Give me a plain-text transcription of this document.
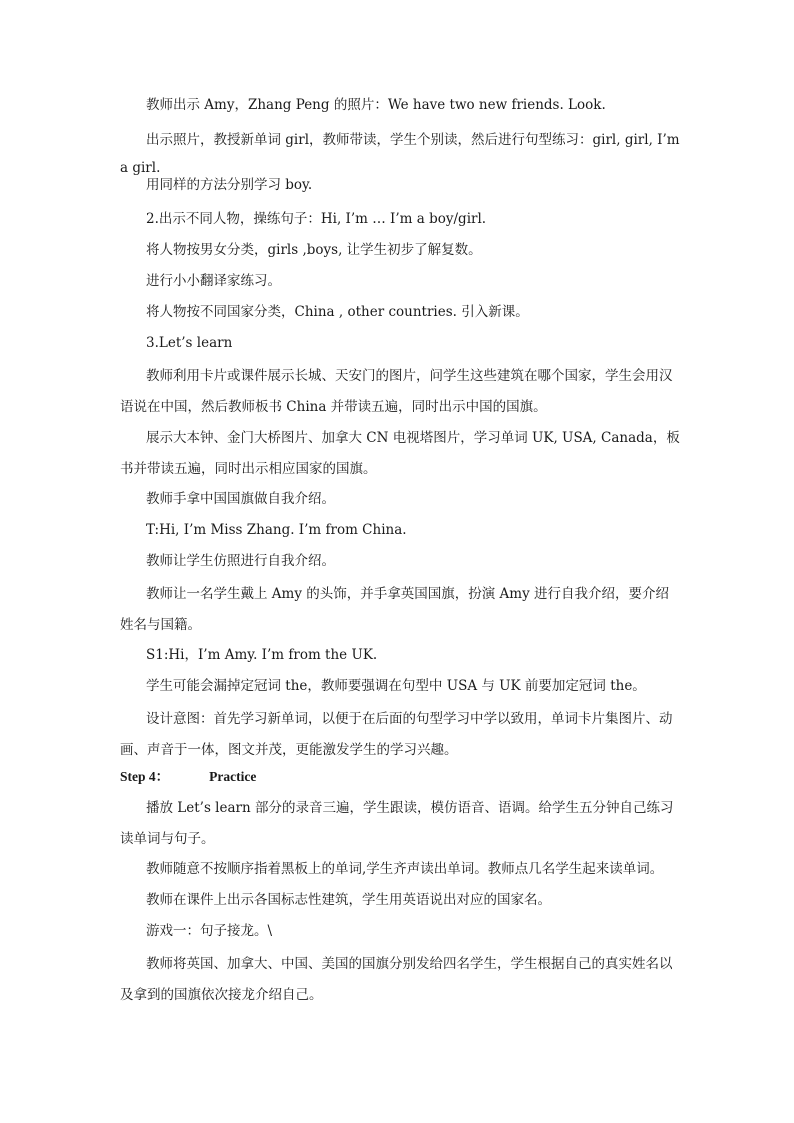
教师出示 Amy，Zhang Peng 的照片：We have two new friends. Look.
出示照片，教授新单词 girl，教师带读，学生个别读，然后进行句型练习：girl, girl, I’m a girl.
用同样的方法分别学习 boy.
2.出示不同人物，操练句子：Hi, I’m … I’m a boy/girl.
将人物按男女分类，girls ,boys, 让学生初步了解复数。
进行小小翻译家练习。
将人物按不同国家分类，China , other countries. 引入新课。
3.Let’s learn
教师利用卡片或课件展示长城、天安门的图片，问学生这些建筑在哪个国家，学生会用汉语说在中国，然后教师板书 China 并带读五遍，同时出示中国的国旗。
展示大本钟、金门大桥图片、加拿大 CN 电视塔图片，学习单词 UK, USA, Canada，板书并带读五遍，同时出示相应国家的国旗。
教师手拿中国国旗做自我介绍。
T:Hi, I’m Miss Zhang. I’m from China.
教师让学生仿照进行自我介绍。
教师让一名学生戴上 Amy 的头饰，并手拿英国国旗，扮演 Amy 进行自我介绍，要介绍姓名与国籍。
S1:Hi，I’m Amy. I’m from the UK.
学生可能会漏掉定冠词 the，教师要强调在句型中 USA 与 UK 前要加定冠词 the。
设计意图：首先学习新单词，以便于在后面的句型学习中学以致用，单词卡片集图片、动画、声音于一体，图文并茂，更能激发学生的学习兴趣。
Step 4：	Practice
播放 Let’s learn 部分的录音三遍，学生跟读，模仿语音、语调。给学生五分钟自己练习读单词与句子。
教师随意不按顺序指着黑板上的单词,学生齐声读出单词。教师点几名学生起来读单词。
教师在课件上出示各国标志性建筑，学生用英语说出对应的国家名。
游戏一：句子接龙。\
教师将英国、加拿大、中国、美国的国旗分别发给四名学生，学生根据自己的真实姓名以及拿到的国旗依次接龙介绍自己。
